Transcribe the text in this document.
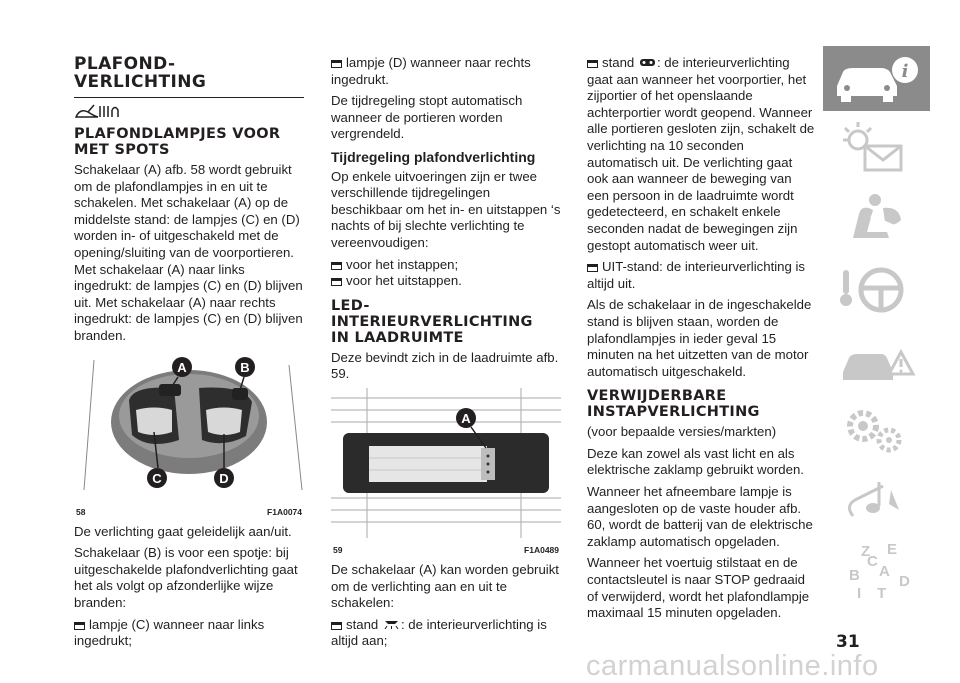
PLAFOND-
VERLICHTING
PLAFONDLAMPJES VOOR MET SPOTS

Schakelaar (A) afb. 58 wordt gebruikt om de plafondlampjes in en uit te schakelen. Met schakelaar (A) op de middelste stand: de lampjes (C) en (D) worden in- of uitgeschakeld met de opening/sluiting van de voorportieren. Met schakelaar (A) naar links ingedrukt: de lampjes (C) en (D) blijven uit. Met schakelaar (A) naar rechts ingedrukt: de lampjes (C) en (D) blijven branden.

A	B
C	D
58	F1A0074

De verlichting gaat geleidelijk aan/uit.

Schakelaar (B) is voor een spotje: bij uitgeschakelde plafondverlichting gaat het als volgt op afzonderlijke wijze branden:

lampje (C) wanneer naar links ingedrukt;

lampje (D) wanneer naar rechts ingedrukt.

De tijdregeling stopt automatisch wanneer de portieren worden vergrendeld.

Tijdregeling plafondverlichting

Op enkele uitvoeringen zijn er twee verschillende tijdregelingen beschikbaar om het in- en uitstappen ‘s nachts of bij slechte verlichting te vereenvoudigen:

voor het instappen;

voor het uitstappen.

LED-
INTERIEURVERLICHTING
IN LAADRUIMTE

Deze bevindt zich in de laadruimte afb. 59.

A
59	F1A0489

De schakelaar (A) kan worden gebruikt om de verlichting aan en uit te schakelen:

stand : de interieurverlichting is altijd aan;

stand : de interieurverlichting gaat aan wanneer het voorportier, het zijportier of het openslaande achterportier wordt geopend. Wanneer alle portieren gesloten zijn, schakelt de verlichting na 10 seconden automatisch uit. De verlichting gaat ook aan wanneer de beweging van een persoon in de laadruimte wordt gedetecteerd, en schakelt enkele seconden nadat de bewegingen zijn gestopt automatisch weer uit.

UIT-stand: de interieurverlichting is altijd uit.

Als de schakelaar in de ingeschakelde stand is blijven staan, worden de plafondlampjes in ieder geval 15 minuten na het uitzetten van de motor automatisch uitgeschakeld.

VERWIJDERBARE
INSTAPVERLICHTING

(voor bepaalde versies/markten)

Deze kan zowel als vast licht en als elektrische zaklamp gebruikt worden.

Wanneer het afneembare lampje is aangesloten op de vaste houder afb. 60, wordt de batterij van de elektrische zaklamp automatisch opgeladen.

Wanneer het voertuig stilstaat en de contactsleutel is naar STOP gedraaid of verwijderd, wordt het plafondlampje maximaal 15 minuten opgeladen.

i
Z E
B A
C
D
I T
31
carmanualsonline.info
